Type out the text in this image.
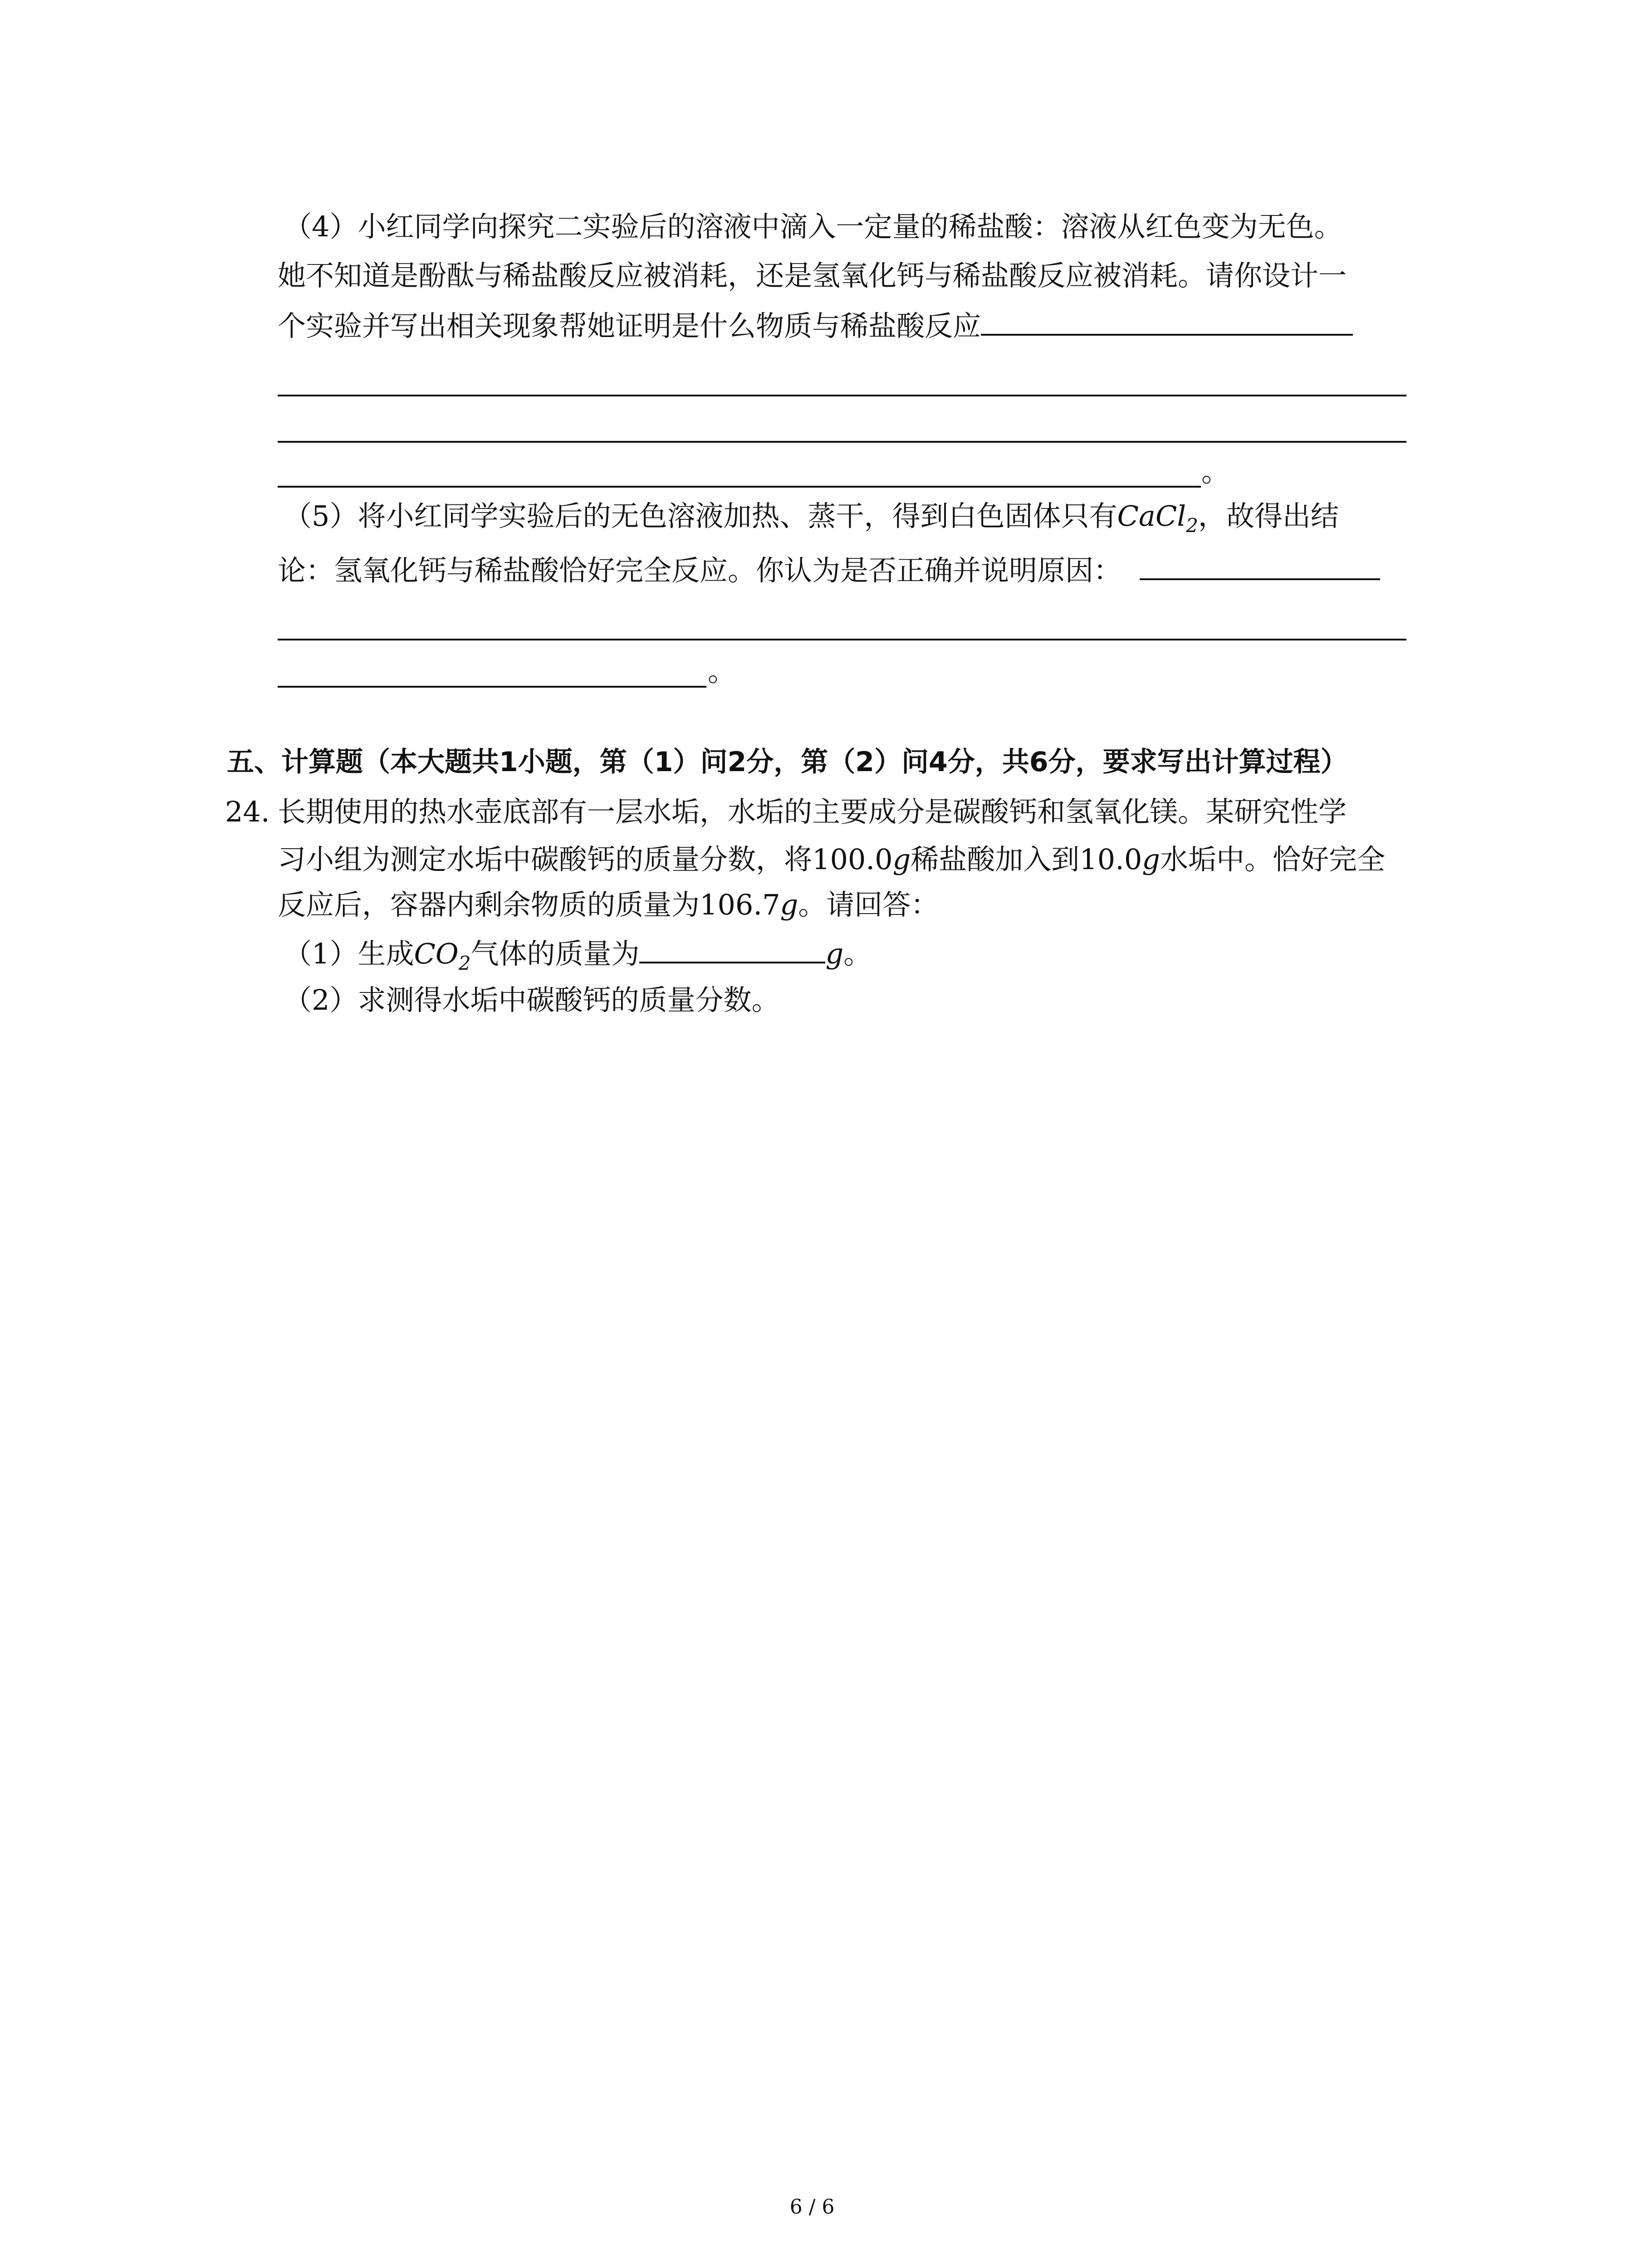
（4）小红同学向探究二实验后的溶液中滴入一定量的稀盐酸：溶液从红色变为无色。
她不知道是酚酞与稀盐酸反应被消耗，还是氢氧化钙与稀盐酸反应被消耗。请你设计一
个实验并写出相关现象帮她证明是什么物质与稀盐酸反应
。
（5）将小红同学实验后的无色溶液加热、蒸干，得到白色固体只有CaCl$_2$，故得出结
论：氢氧化钙与稀盐酸恰好完全反应。你认为是否正确并说明原因：
。
五、计算题（本大题共1小题，第（1）问2分，第（2）问4分，共6分，要求写出计算过程）
24. 长期使用的热水壶底部有一层水垢，水垢的主要成分是碳酸钙和氢氧化镁。某研究性学
习小组为测定水垢中碳酸钙的质量分数，将100.0g稀盐酸加入到10.0g水垢中。恰好完全
反应后，容器内剩余物质的质量为106.7g。请回答：
（1）生成$CO_2$气体的质量为	g。
（2）求测得水垢中碳酸钙的质量分数。
6 / 6
